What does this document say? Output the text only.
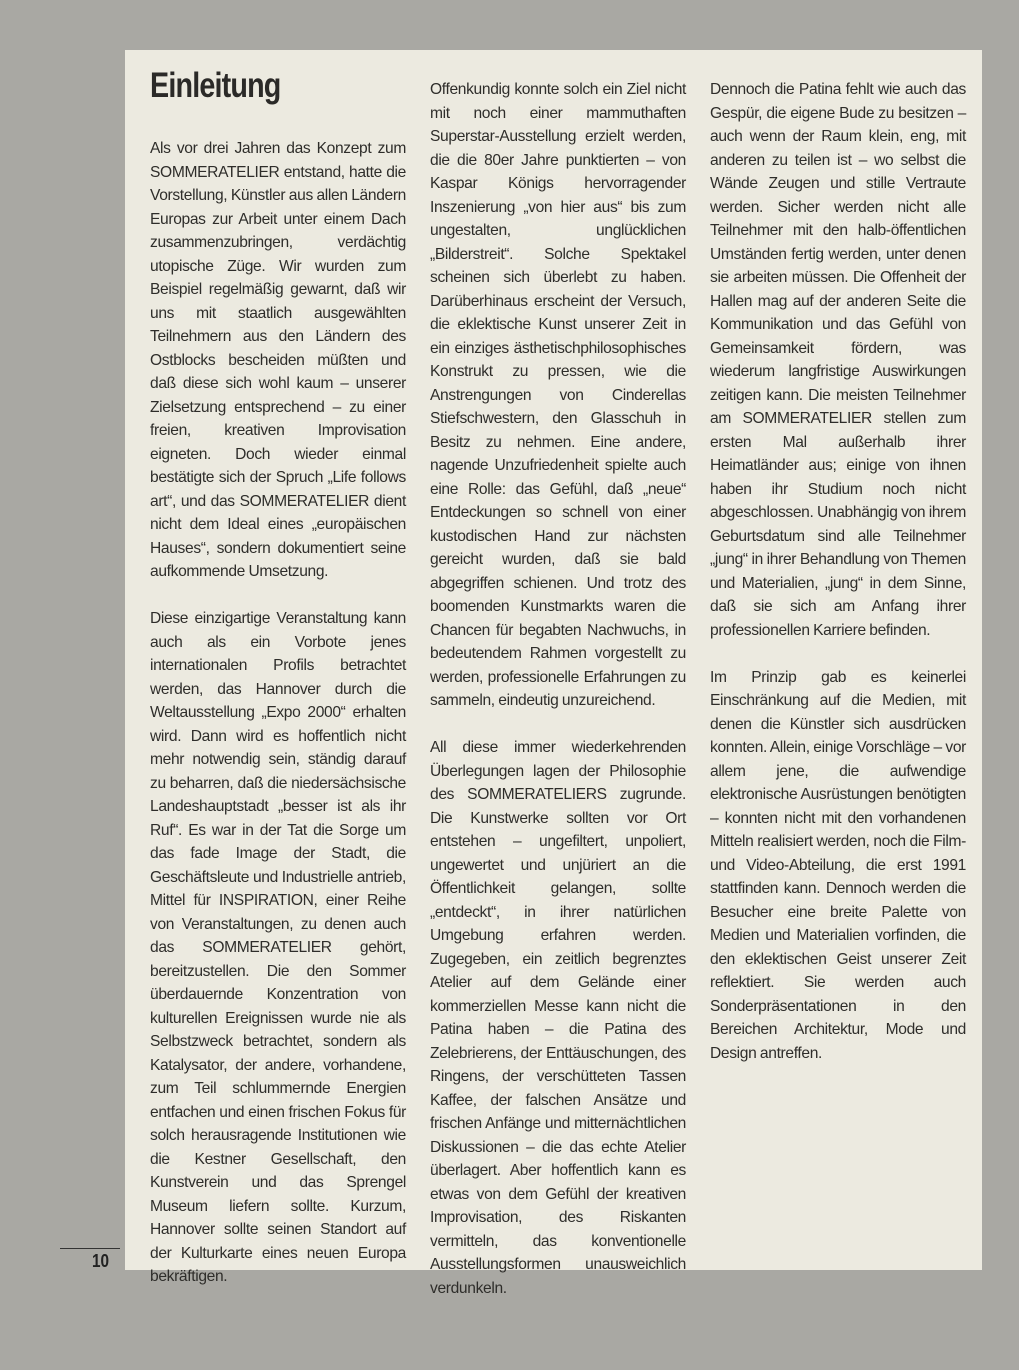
Einleitung

Als vor drei Jahren das Konzept zum SOMMERATELIER entstand, hatte die Vorstellung, Künstler aus allen Ländern Europas zur Arbeit unter einem Dach zusammenzubringen, verdächtig utopische Züge. Wir wurden zum Beispiel regelmäßig gewarnt, daß wir uns mit staatlich ausgewählten Teilnehmern aus den Ländern des Ostblocks bescheiden müßten und daß diese sich wohl kaum – unserer Zielsetzung entsprechend – zu einer freien, kreativen Improvisation eigneten. Doch wieder einmal bestätigte sich der Spruch „Life follows art“, und das SOMMERATELIER dient nicht dem Ideal eines „europäischen Hauses“, sondern dokumentiert seine aufkommende Umsetzung.

Diese einzigartige Veranstaltung kann auch als ein Vorbote jenes internationalen Profils betrachtet werden, das Hannover durch die Weltausstellung „Expo 2000“ erhalten wird. Dann wird es hoffentlich nicht mehr notwendig sein, ständig darauf zu beharren, daß die niedersächsische Landeshauptstadt „besser ist als ihr Ruf“. Es war in der Tat die Sorge um das fade Image der Stadt, die Geschäftsleute und Industrielle antrieb, Mittel für INSPIRATION, einer Reihe von Veranstaltungen, zu denen auch das SOMMERATELIER gehört, bereitzustellen. Die den Sommer überdauernde Konzentration von kulturellen Ereignissen wurde nie als Selbstzweck betrachtet, sondern als Katalysator, der andere, vorhandene, zum Teil schlummernde Energien entfachen und einen frischen Fokus für solch herausragende Institutionen wie die Kestner Gesellschaft, den Kunstverein und das Sprengel Museum liefern sollte. Kurzum, Hannover sollte seinen Standort auf der Kulturkarte eines neuen Europa bekräftigen.

Offenkundig konnte solch ein Ziel nicht mit noch einer mammuthaften Superstar-Ausstellung erzielt werden, die die 80er Jahre punktierten – von Kaspar Königs hervorragender Inszenierung „von hier aus“ bis zum ungestalten, unglücklichen „Bilderstreit“. Solche Spektakel scheinen sich überlebt zu haben. Darüberhinaus erscheint der Versuch, die eklektische Kunst unserer Zeit in ein einziges ästhetischphilosophisches Konstrukt zu pressen, wie die Anstrengungen von Cinderellas Stiefschwestern, den Glasschuh in Besitz zu nehmen. Eine andere, nagende Unzufriedenheit spielte auch eine Rolle: das Gefühl, daß „neue“ Entdeckungen so schnell von einer kustodischen Hand zur nächsten gereicht wurden, daß sie bald abgegriffen schienen. Und trotz des boomenden Kunstmarkts waren die Chancen für begabten Nachwuchs, in bedeutendem Rahmen vorgestellt zu werden, professionelle Erfahrungen zu sammeln, eindeutig unzureichend.

All diese immer wiederkehrenden Überlegungen lagen der Philosophie des SOMMERATELIERS zugrunde. Die Kunstwerke sollten vor Ort entstehen – ungefiltert, unpoliert, ungewertet und unjüriert an die Öffentlichkeit gelangen, sollte „entdeckt“, in ihrer natürlichen Umgebung erfahren werden. Zugegeben, ein zeitlich begrenztes Atelier auf dem Gelände einer kommerziellen Messe kann nicht die Patina haben – die Patina des Zelebrierens, der Enttäuschungen, des Ringens, der verschütteten Tassen Kaffee, der falschen Ansätze und frischen Anfänge und mitternächtlichen Diskussionen – die das echte Atelier überlagert. Aber hoffentlich kann es etwas von dem Gefühl der kreativen Improvisation, des Riskanten vermitteln, das konventionelle Ausstellungsformen unausweichlich verdunkeln.

Dennoch die Patina fehlt wie auch das Gespür, die eigene Bude zu besitzen – auch wenn der Raum klein, eng, mit anderen zu teilen ist – wo selbst die Wände Zeugen und stille Vertraute werden. Sicher werden nicht alle Teilnehmer mit den halb-öffentlichen Umständen fertig werden, unter denen sie arbeiten müssen. Die Offenheit der Hallen mag auf der anderen Seite die Kommunikation und das Gefühl von Gemeinsamkeit fördern, was wiederum langfristige Auswirkungen zeitigen kann. Die meisten Teilnehmer am SOMMERATELIER stellen zum ersten Mal außerhalb ihrer Heimatländer aus; einige von ihnen haben ihr Studium noch nicht abgeschlossen. Unabhängig von ihrem Geburtsdatum sind alle Teilnehmer „jung“ in ihrer Behandlung von Themen und Materialien, „jung“ in dem Sinne, daß sie sich am Anfang ihrer professionellen Karriere befinden.

Im Prinzip gab es keinerlei Einschränkung auf die Medien, mit denen die Künstler sich ausdrücken konnten. Allein, einige Vorschläge – vor allem jene, die aufwendige elektronische Ausrüstungen benötigten – konnten nicht mit den vorhandenen Mitteln realisiert werden, noch die Film- und Video-Abteilung, die erst 1991 stattfinden kann. Dennoch werden die Besucher eine breite Palette von Medien und Materialien vorfinden, die den eklektischen Geist unserer Zeit reflektiert. Sie werden auch Sonderpräsentationen in den Bereichen Architektur, Mode und Design antreffen.

10
